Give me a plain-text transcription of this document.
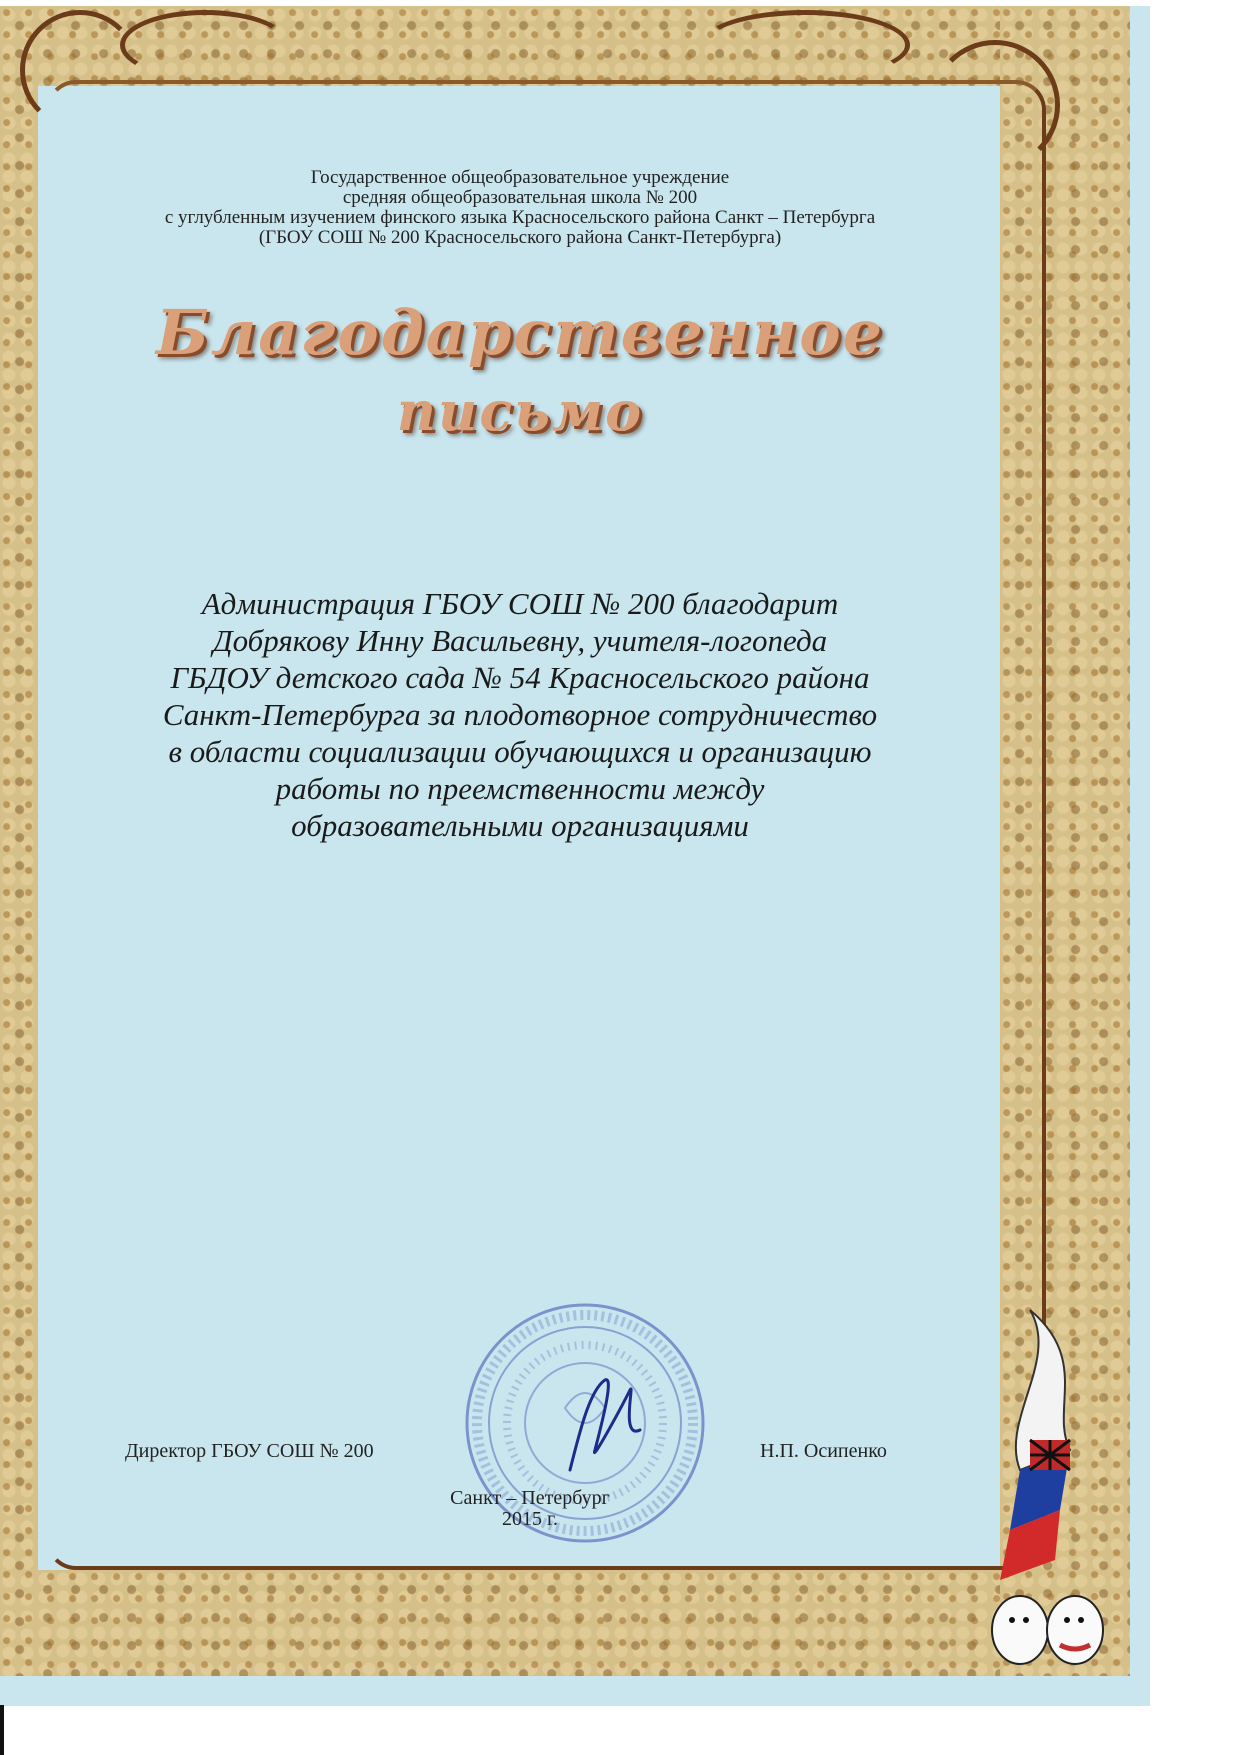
Государственное общеобразовательное учреждение
средняя общеобразовательная школа № 200
с углубленным изучением финского языка Красносельского района Санкт – Петербурга
(ГБОУ СОШ № 200 Красносельского района Санкт-Петербурга)
Благодарственное
письмо
Администрация ГБОУ СОШ № 200 благодарит
Добрякову Инну Васильевну, учителя-логопеда
ГБДОУ детского сада № 54 Красносельского района
Санкт-Петербурга за плодотворное сотрудничество
в области социализации обучающихся и организацию
работы по преемственности между
образовательными организациями
Директор ГБОУ СОШ № 200	Н.П. Осипенко
Санкт – Петербург
2015 г.
